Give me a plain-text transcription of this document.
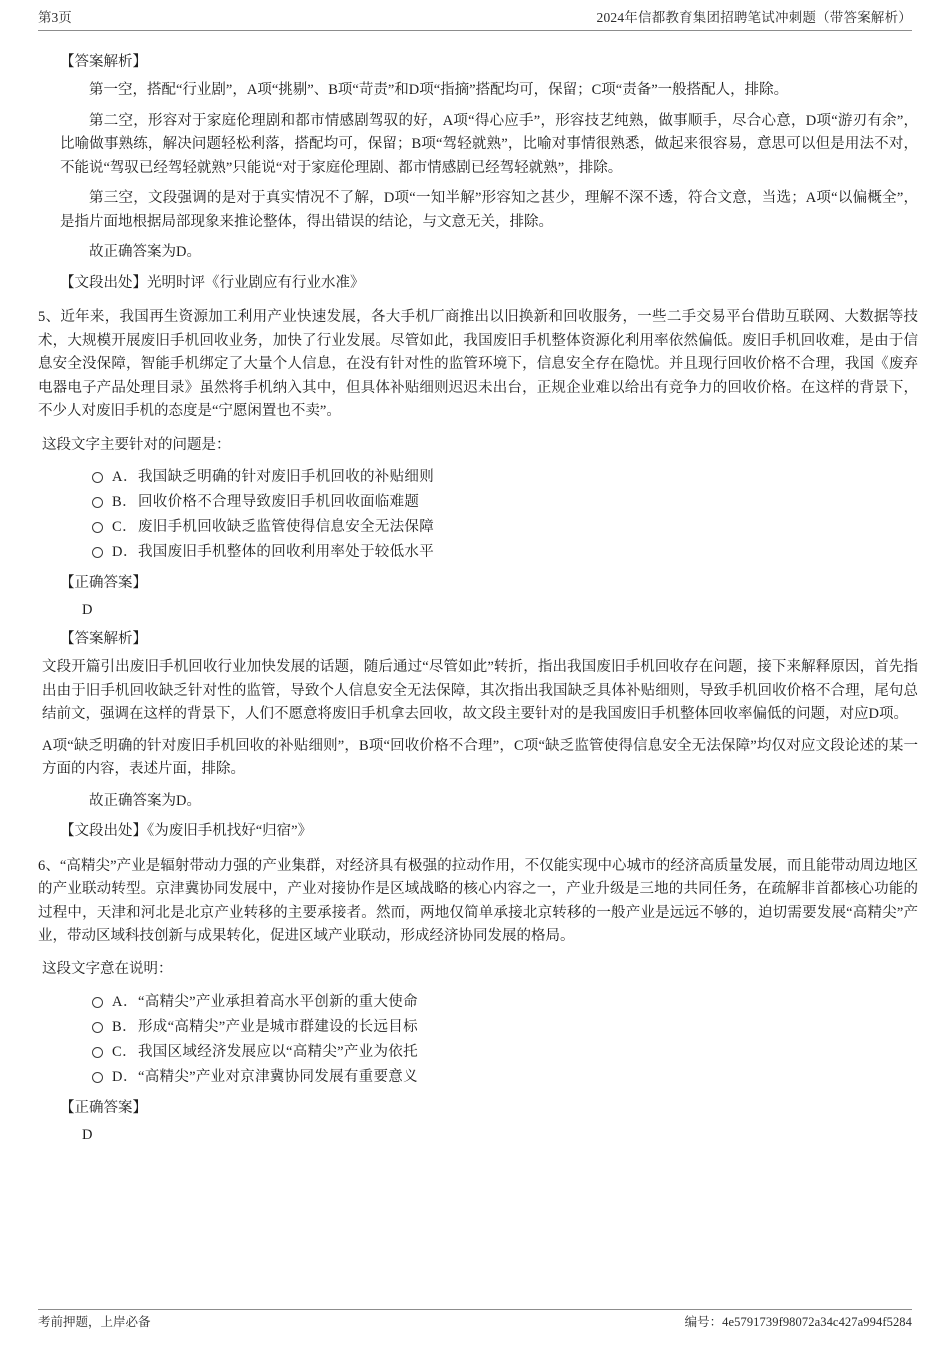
第3页	2024年信都教育集团招聘笔试冲刺题（带答案解析）
【答案解析】
第一空，搭配“行业剧”，A项“挑剔”、B项“苛责”和D项“指摘”搭配均可，保留；C项“责备”一般搭配人，排除。
第二空，形容对于家庭伦理剧和都市情感剧驾驭的好，A项“得心应手”，形容技艺纯熟，做事顺手，尽合心意，D项“游刃有余”，比喻做事熟练，解决问题轻松利落，搭配均可，保留；B项“驾轻就熟”，比喻对事情很熟悉，做起来很容易，意思可以但是用法不对，不能说“驾驭已经驾轻就熟”只能说“对于家庭伦理剧、都市情感剧已经驾轻就熟”，排除。
第三空，文段强调的是对于真实情况不了解，D项“一知半解”形容知之甚少，理解不深不透，符合文意，当选；A项“以偏概全”，是指片面地根据局部现象来推论整体，得出错误的结论，与文意无关，排除。
故正确答案为D。
【文段出处】光明时评《行业剧应有行业水准》
5、近年来，我国再生资源加工利用产业快速发展，各大手机厂商推出以旧换新和回收服务，一些二手交易平台借助互联网、大数据等技术，大规模开展废旧手机回收业务，加快了行业发展。尽管如此，我国废旧手机整体资源化利用率依然偏低。废旧手机回收难，是由于信息安全没保障，智能手机绑定了大量个人信息，在没有针对性的监管环境下，信息安全存在隐忧。并且现行回收价格不合理，我国《废弃电器电子产品处理目录》虽然将手机纳入其中，但具体补贴细则迟迟未出台，正规企业难以给出有竞争力的回收价格。在这样的背景下，不少人对废旧手机的态度是“宁愿闲置也不卖”。
这段文字主要针对的问题是：
A． 我国缺乏明确的针对废旧手机回收的补贴细则
B． 回收价格不合理导致废旧手机回收面临难题
C． 废旧手机回收缺乏监管使得信息安全无法保障
D． 我国废旧手机整体的回收利用率处于较低水平
【正确答案】
D
【答案解析】
文段开篇引出废旧手机回收行业加快发展的话题，随后通过“尽管如此”转折，指出我国废旧手机回收存在问题，接下来解释原因，首先指出由于旧手机回收缺乏针对性的监管，导致个人信息安全无法保障，其次指出我国缺乏具体补贴细则，导致手机回收价格不合理，尾句总结前文，强调在这样的背景下，人们不愿意将废旧手机拿去回收，故文段主要针对的是我国废旧手机整体回收率偏低的问题，对应D项。
A项“缺乏明确的针对废旧手机回收的补贴细则”，B项“回收价格不合理”，C项“缺乏监管使得信息安全无法保障”均仅对应文段论述的某一方面的内容，表述片面，排除。
故正确答案为D。
【文段出处】《为废旧手机找好“归宿”》
6、“高精尖”产业是辐射带动力强的产业集群，对经济具有极强的拉动作用，不仅能实现中心城市的经济高质量发展，而且能带动周边地区的产业联动转型。京津冀协同发展中，产业对接协作是区域战略的核心内容之一，产业升级是三地的共同任务，在疏解非首都核心功能的过程中，天津和河北是北京产业转移的主要承接者。然而，两地仅简单承接北京转移的一般产业是远远不够的，迫切需要发展“高精尖”产业，带动区域科技创新与成果转化，促进区域产业联动，形成经济协同发展的格局。
这段文字意在说明：
A． “高精尖”产业承担着高水平创新的重大使命
B． 形成“高精尖”产业是城市群建设的长远目标
C． 我国区域经济发展应以“高精尖”产业为依托
D． “高精尖”产业对京津冀协同发展有重要意义
【正确答案】
D
考前押题，上岸必备	编号：4e5791739f98072a34c427a994f5284
